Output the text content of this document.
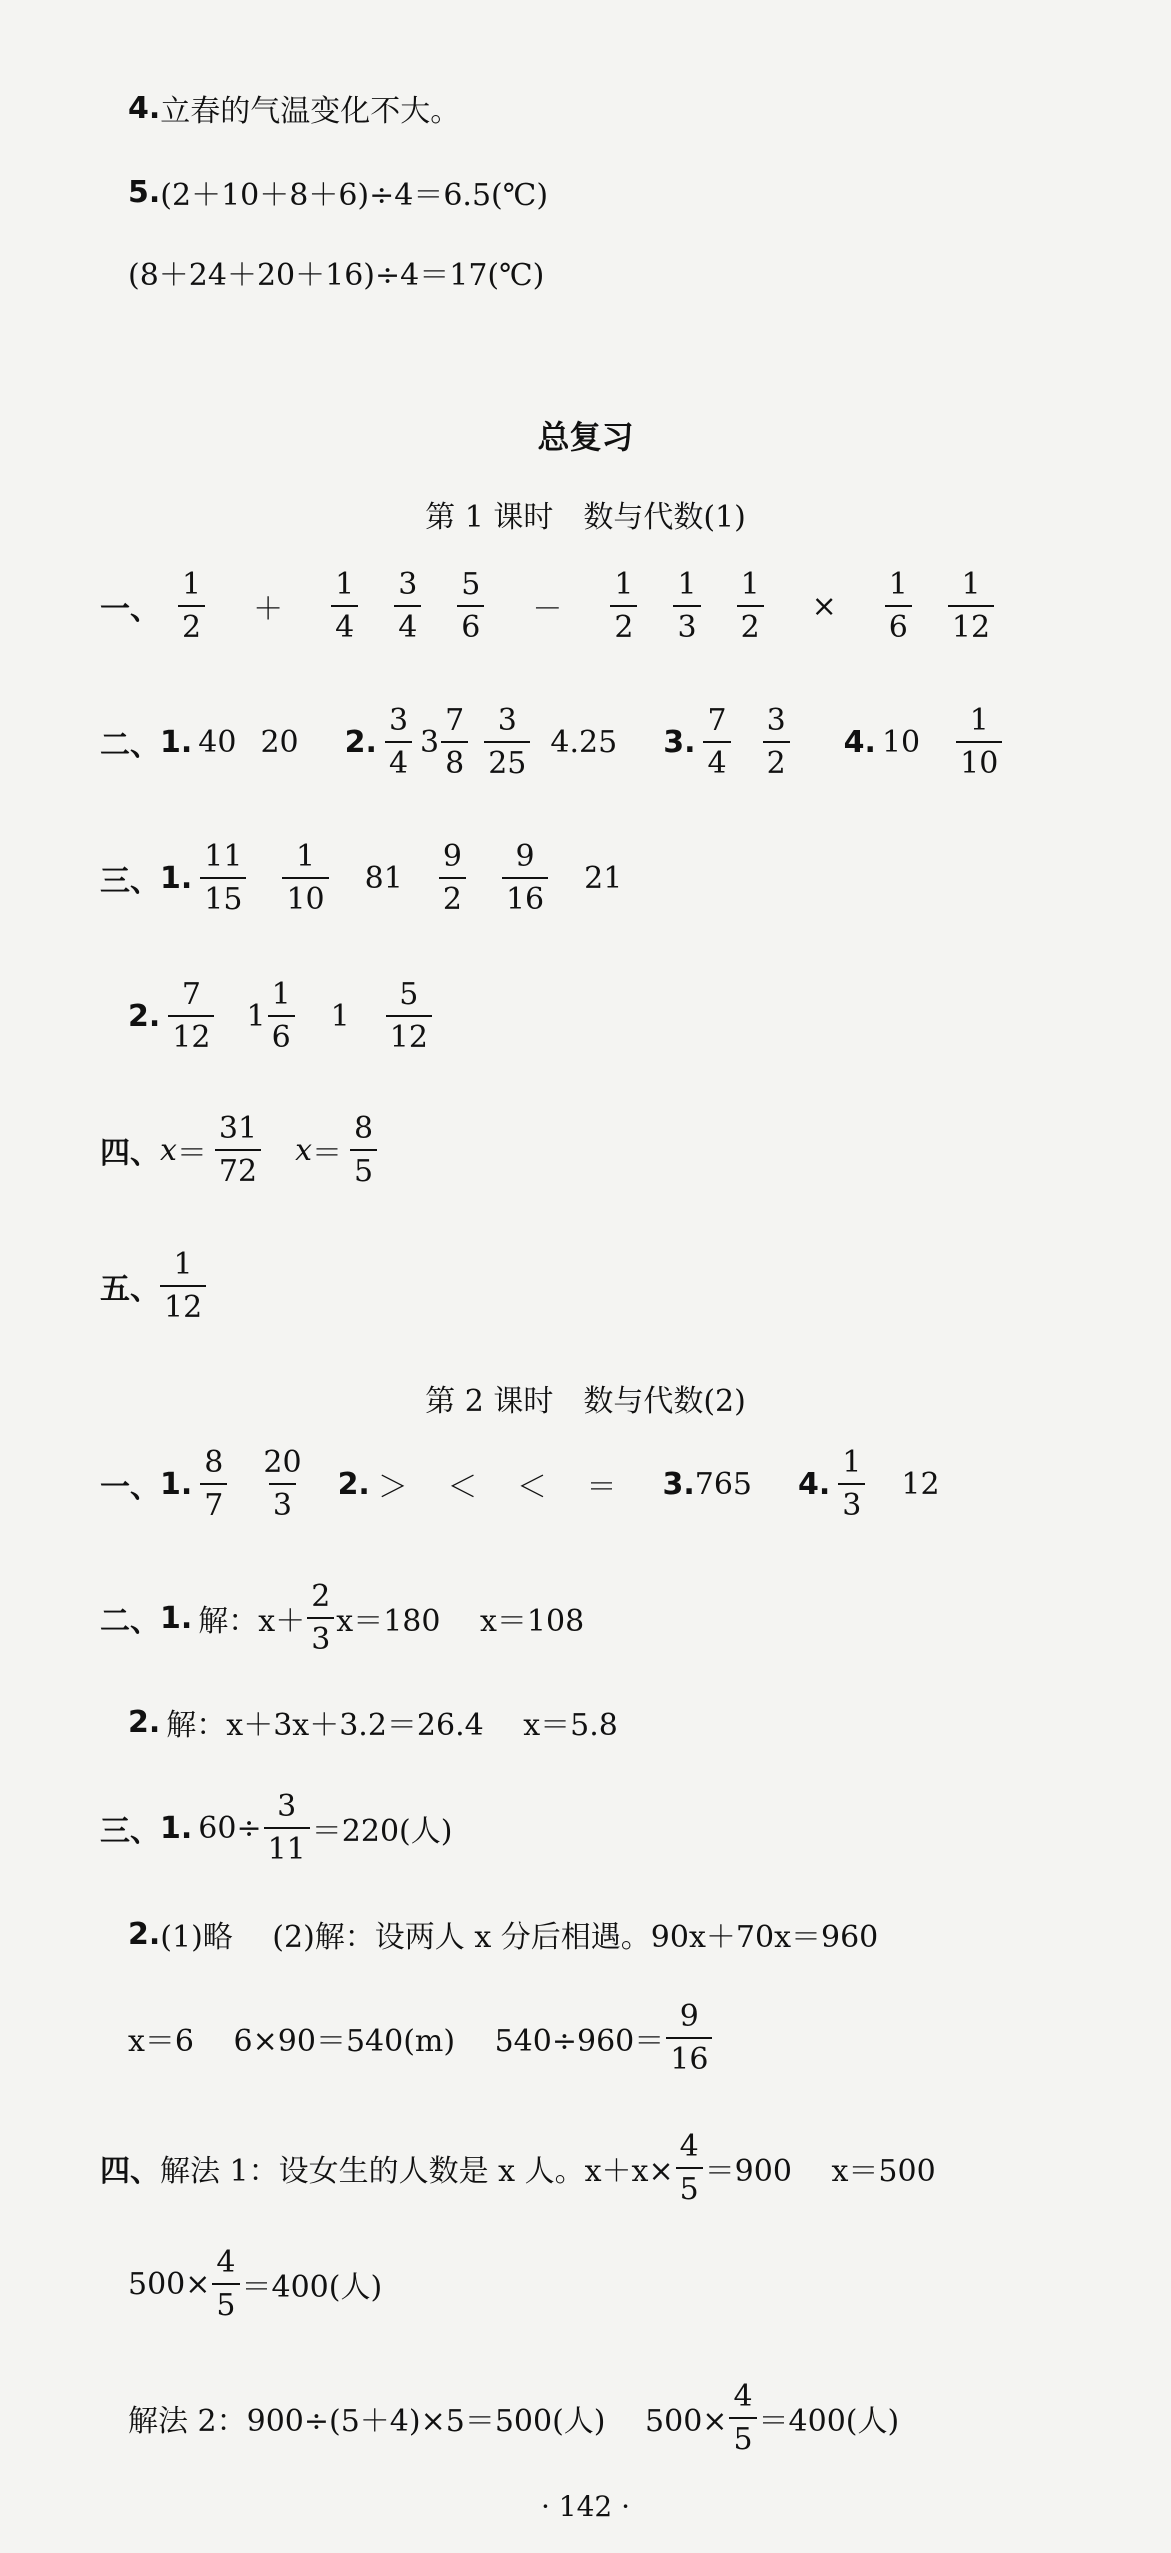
4. 立春的气温变化不大。
5. (2＋10＋8＋6)÷4＝6.5(℃)
(8＋24＋20＋16)÷4＝17(℃)
总复习
第 1 课时　数与代数(1)
一、 $\frac{1}{2} + \frac{1}{4} \frac{3}{4} \frac{5}{6} - \frac{1}{2} \frac{1}{3} \frac{1}{2} \times \frac{1}{6} \frac{1}{12}$
二、 1. 40 20 2. $\frac{3}{4} 3 \frac{7}{8} \frac{3}{25} 4.25$ 3. $\frac{7}{4} \frac{3}{2} 4$. $10 \frac{1}{10}$
三、 1. $\frac{11}{15} \frac{1}{10} 81 \frac{9}{2} \frac{9}{16} 21$
2. $\frac{7}{12} 1 \frac{1}{6} 1 \frac{5}{12}$
四、 $x = \frac{31}{72}$ $x = \frac{8}{5}$
五、 $\frac{1}{12}$
第 2 课时　数与代数(2)
一、 1. $\frac{8}{7} \frac{20}{3} 2$. ＞　 ＜　 ＜　 ＝ 3. 765 4. $\frac{1}{3} 12$
二、 1. 解： $x+ \frac{2}{3} x=180$　 x＝108
2. 解： x＋3x＋3.2＝26.4　 x＝5.8
三、 1. $60\div \frac{3}{11} =220$(人)
2. (1)略　 (2)解：设两人 x 分后相遇。90x＋70x＝960
x＝6　 6×90＝540(m)　 $540\div 960= \frac{9}{16}$
四、 解法 1：设女生的人数是 x 人。$x+x\times \frac{4}{5} =900$　 x＝500
$500\times \frac{4}{5} =400$(人)
解法 2：900÷(5＋4)×5＝500(人)　 $500\times \frac{4}{5} =400$(人)
· 142 ·
